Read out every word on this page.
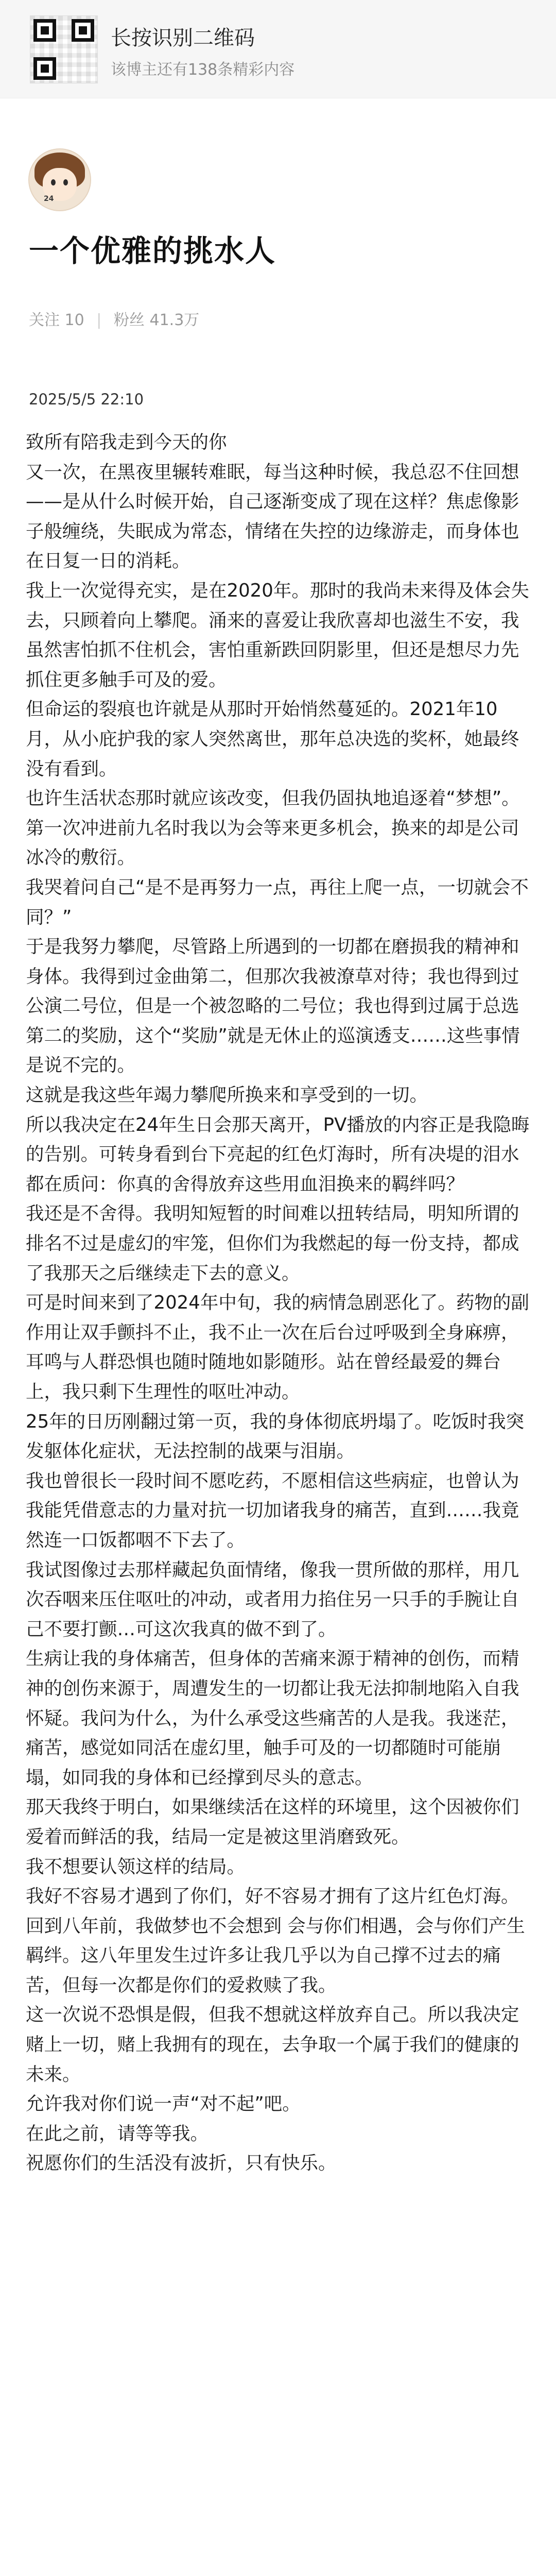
长按识别二维码
该博主还有138条精彩内容
24
一个优雅的挑水人
关注 10 | 粉丝 41.3万
2025/5/5 22:10

致所有陪我走到今天的你

又一次，在黑夜里辗转难眠，每当这种时候，我总忍不住回想——是从什么时候开始，自己逐渐变成了现在这样？焦虑像影子般缠绕，失眠成为常态，情绪在失控的边缘游走，而身体也在日复一日的消耗。

我上一次觉得充实，是在2020年。那时的我尚未来得及体会失去，只顾着向上攀爬。涌来的喜爱让我欣喜却也滋生不安，我虽然害怕抓不住机会，害怕重新跌回阴影里，但还是想尽力先抓住更多触手可及的爱。

但命运的裂痕也许就是从那时开始悄然蔓延的。2021年10月，从小庇护我的家人突然离世，那年总决选的奖杯，她最终没有看到。

也许生活状态那时就应该改变，但我仍固执地追逐着“梦想”。第一次冲进前九名时我以为会等来更多机会，换来的却是公司冰冷的敷衍。

我哭着问自己“是不是再努力一点，再往上爬一点，一切就会不同？”

于是我努力攀爬，尽管路上所遇到的一切都在磨损我的精神和身体。我得到过金曲第二，但那次我被潦草对待；我也得到过公演二号位，但是一个被忽略的二号位；我也得到过属于总选第二的奖励，这个“奖励”就是无休止的巡演透支……这些事情是说不完的。

这就是我这些年竭力攀爬所换来和享受到的一切。

所以我决定在24年生日会那天离开，PV播放的内容正是我隐晦的告别。可转身看到台下亮起的红色灯海时，所有决堤的泪水都在质问：你真的舍得放弃这些用血泪换来的羁绊吗？

我还是不舍得。我明知短暂的时间难以扭转结局，明知所谓的排名不过是虚幻的牢笼，但你们为我燃起的每一份支持，都成了我那天之后继续走下去的意义。

可是时间来到了2024年中旬，我的病情急剧恶化了。药物的副作用让双手颤抖不止，我不止一次在后台过呼吸到全身麻痹，耳鸣与人群恐惧也随时随地如影随形。站在曾经最爱的舞台上，我只剩下生理性的呕吐冲动。

25年的日历刚翻过第一页，我的身体彻底坍塌了。吃饭时我突发躯体化症状，无法控制的战栗与泪崩。

我也曾很长一段时间不愿吃药，不愿相信这些病症，也曾认为我能凭借意志的力量对抗一切加诸我身的痛苦，直到……我竟然连一口饭都咽不下去了。

我试图像过去那样藏起负面情绪，像我一贯所做的那样，用几次吞咽来压住呕吐的冲动，或者用力掐住另一只手的手腕让自己不要打颤…可这次我真的做不到了。

生病让我的身体痛苦，但身体的苦痛来源于精神的创伤，而精神的创伤来源于，周遭发生的一切都让我无法抑制地陷入自我怀疑。我问为什么，为什么承受这些痛苦的人是我。我迷茫，痛苦，感觉如同活在虚幻里，触手可及的一切都随时可能崩塌，如同我的身体和已经撑到尽头的意志。

那天我终于明白，如果继续活在这样的环境里，这个因被你们爱着而鲜活的我，结局一定是被这里消磨致死。

我不想要认领这样的结局。

我好不容易才遇到了你们，好不容易才拥有了这片红色灯海。回到八年前，我做梦也不会想到 会与你们相遇，会与你们产生羁绊。这八年里发生过许多让我几乎以为自己撑不过去的痛苦，但每一次都是你们的爱救赎了我。

这一次说不恐惧是假，但我不想就这样放弃自己。所以我决定赌上一切，赌上我拥有的现在，去争取一个属于我们的健康的未来。

允许我对你们说一声“对不起”吧。

在此之前，请等等我。

祝愿你们的生活没有波折，只有快乐。
